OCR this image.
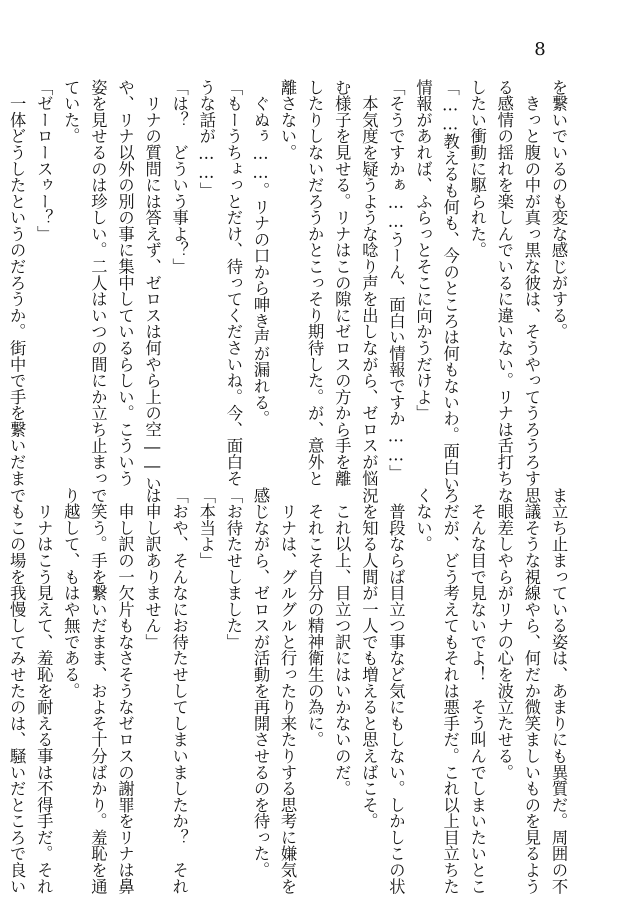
8
を繋いでいるのも変な感じがする。
　きっと腹の中が真っ黒な彼は、そうやってうろうろす
る感情の揺れを楽しんでいるに違いない。リナは舌打ち
したい衝動に駆られた。
「……教えるも何も、今のところは何もないわ。面白い
情報があれば、ふらっとそこに向かうだけよ」
「そうですかぁ……うーん、面白い情報ですか……」
　本気度を疑うような唸り声を出しながら、ゼロスが悩
む様子を見せる。リナはこの隙にゼロスの方から手を離
したりしないだろうかとこっそり期待した。が、意外と
離さない。
　ぐぬぅ……。リナの口から呻き声が漏れる。
「もーうちょっとだけ、待ってくださいね。今、面白そ
うな話が……」
「は？　どういう事よ？」
　リナの質問には答えず、ゼロスは何やら上の空――い
や、リナ以外の別の事に集中しているらしい。こういう
姿を見せるのは珍しい。二人はいつの間にか立ち止まっ
ていた。
「ゼーロースゥー？」
　一体どうしたというのだろうか。街中で手を繋いだま
ま立ち止まっている姿は、あまりにも異質だ。周囲の不
思議そうな視線やら、何だか微笑ましいものを見るよう
な眼差しやらがリナの心を波立たせる。
　そんな目で見ないでよ！　そう叫んでしまいたいとこ
ろだが、どう考えてもそれは悪手だ。これ以上目立ちた
くない。
　普段ならば目立つ事など気にもしない。しかしこの状
況を知る人間が一人でも増えると思えばこそ。
　これ以上、目立つ訳にはいかないのだ。
　それこそ自分の精神衛生の為に。
　リナは、グルグルと行ったり来たりする思考に嫌気を
感じながら、ゼロスが活動を再開させるのを待った。
「お待たせしました」
「本当よ」
「おや、そんなにお待たせしてしまいましたか？　それ
は申し訳ありません」
　申し訳の一欠片もなさそうなゼロスの謝罪をリナは鼻
で笑う。手を繋いだまま、およそ十分ばかり。羞恥を通
り越して、もはや無である。
　リナはこう見えて、羞恥を耐える事は不得手だ。それ
でもこの場を我慢してみせたのは、騒いだところで良い
